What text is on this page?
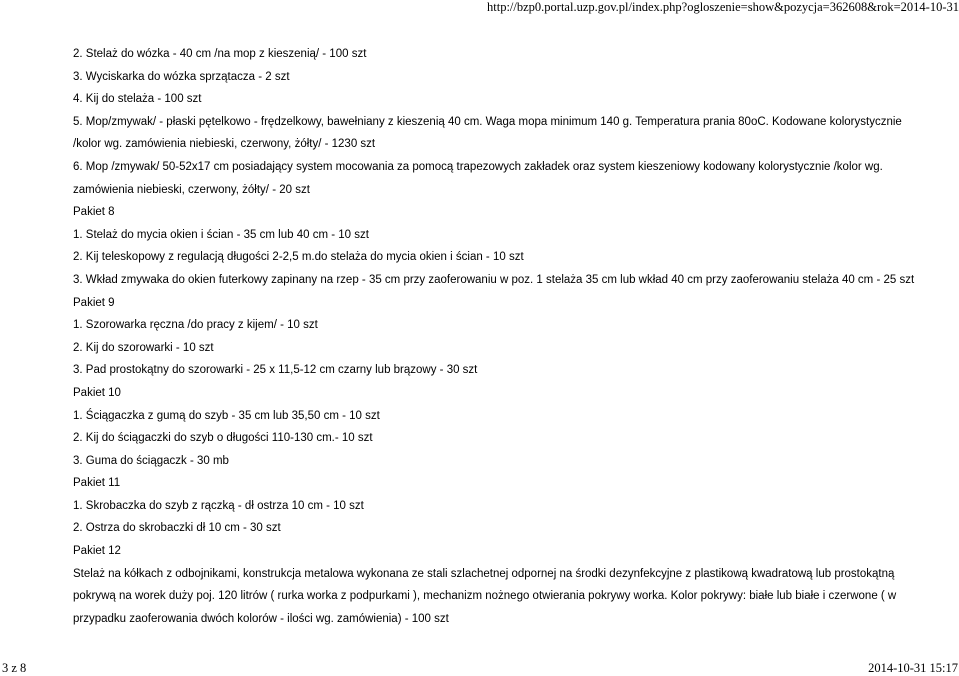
http://bzp0.portal.uzp.gov.pl/index.php?ogloszenie=show&pozycja=362608&rok=2014-10-31
2. Stelaż do wózka - 40 cm /na mop z kieszenią/ - 100 szt
3. Wyciskarka do wózka sprzątacza - 2 szt
4. Kij do stelaża - 100 szt
5. Mop/zmywak/ - płaski pętelkowo - frędzelkowy, bawełniany z kieszenią 40 cm. Waga mopa minimum 140 g. Temperatura prania 80oC. Kodowane kolorystycznie
/kolor wg. zamówienia niebieski, czerwony, żółty/ - 1230 szt
6. Mop /zmywak/ 50-52x17 cm posiadający system mocowania za pomocą trapezowych zakładek oraz system kieszeniowy kodowany kolorystycznie /kolor wg.
zamówienia niebieski, czerwony, żółty/ - 20 szt
Pakiet 8
1. Stelaż do mycia okien i ścian - 35 cm lub 40 cm - 10 szt
2. Kij teleskopowy z regulacją długości 2-2,5 m.do stelaża do mycia okien i ścian - 10 szt
3. Wkład zmywaka do okien futerkowy zapinany na rzep - 35 cm przy zaoferowaniu w poz. 1 stelaża 35 cm lub wkład 40 cm przy zaoferowaniu stelaża 40 cm - 25 szt
Pakiet 9
1. Szorowarka ręczna /do pracy z kijem/ - 10 szt
2. Kij do szorowarki - 10 szt
3. Pad prostokątny do szorowarki - 25 x 11,5-12 cm czarny lub brązowy - 30 szt
Pakiet 10
1. Ściągaczka z gumą do szyb - 35 cm lub 35,50 cm - 10 szt
2. Kij do ściągaczki do szyb o długości 110-130 cm.- 10 szt
3. Guma do ściągaczk - 30 mb
Pakiet 11
1. Skrobaczka do szyb z rączką - dł ostrza 10 cm - 10 szt
2. Ostrza do skrobaczki dł 10 cm - 30 szt
Pakiet 12
Stelaż na kółkach z odbojnikami, konstrukcja metalowa wykonana ze stali szlachetnej odpornej na środki dezynfekcyjne z plastikową kwadratową lub prostokątną
pokrywą na worek duży poj. 120 litrów ( rurka worka z podpurkami ), mechanizm nożnego otwierania pokrywy worka. Kolor pokrywy: białe lub białe i czerwone ( w
przypadku zaoferowania dwóch kolorów - ilości wg. zamówienia) - 100 szt
3 z 8	2014-10-31 15:17
